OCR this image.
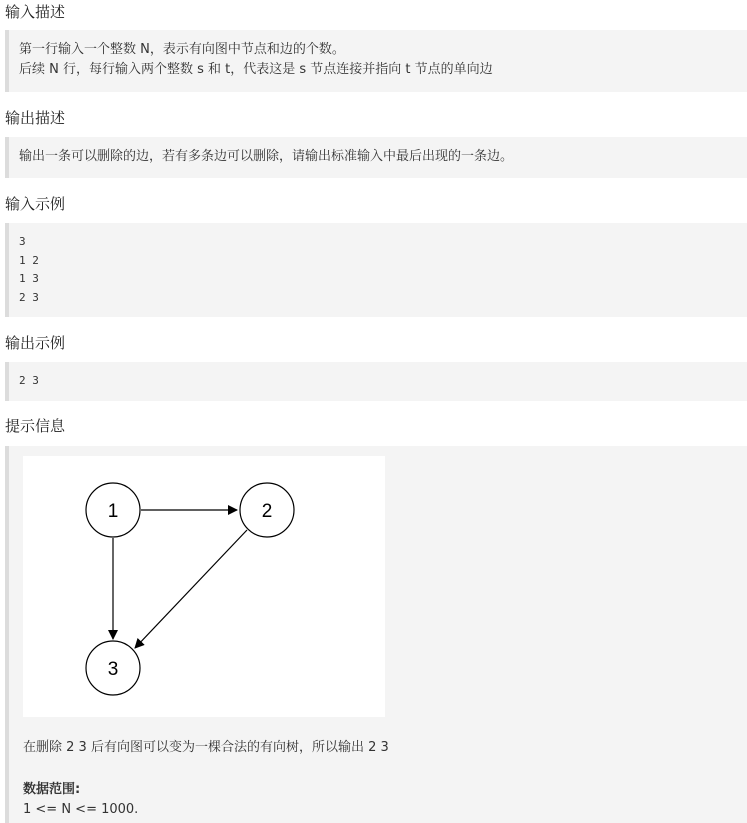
输入描述
第一行输入一个整数 N，表示有向图中节点和边的个数。
后续 N 行，每行输入两个整数 s 和 t，代表这是 s 节点连接并指向 t 节点的单向边
输出描述
输出一条可以删除的边，若有多条边可以删除，请输出标准输入中最后出现的一条边。
输入示例
3
1 2
1 3
2 3
输出示例
2 3
提示信息
1	2
3
在删除 2 3 后有向图可以变为一棵合法的有向树，所以输出 2 3
数据范围:
1 <= N <= 1000.
